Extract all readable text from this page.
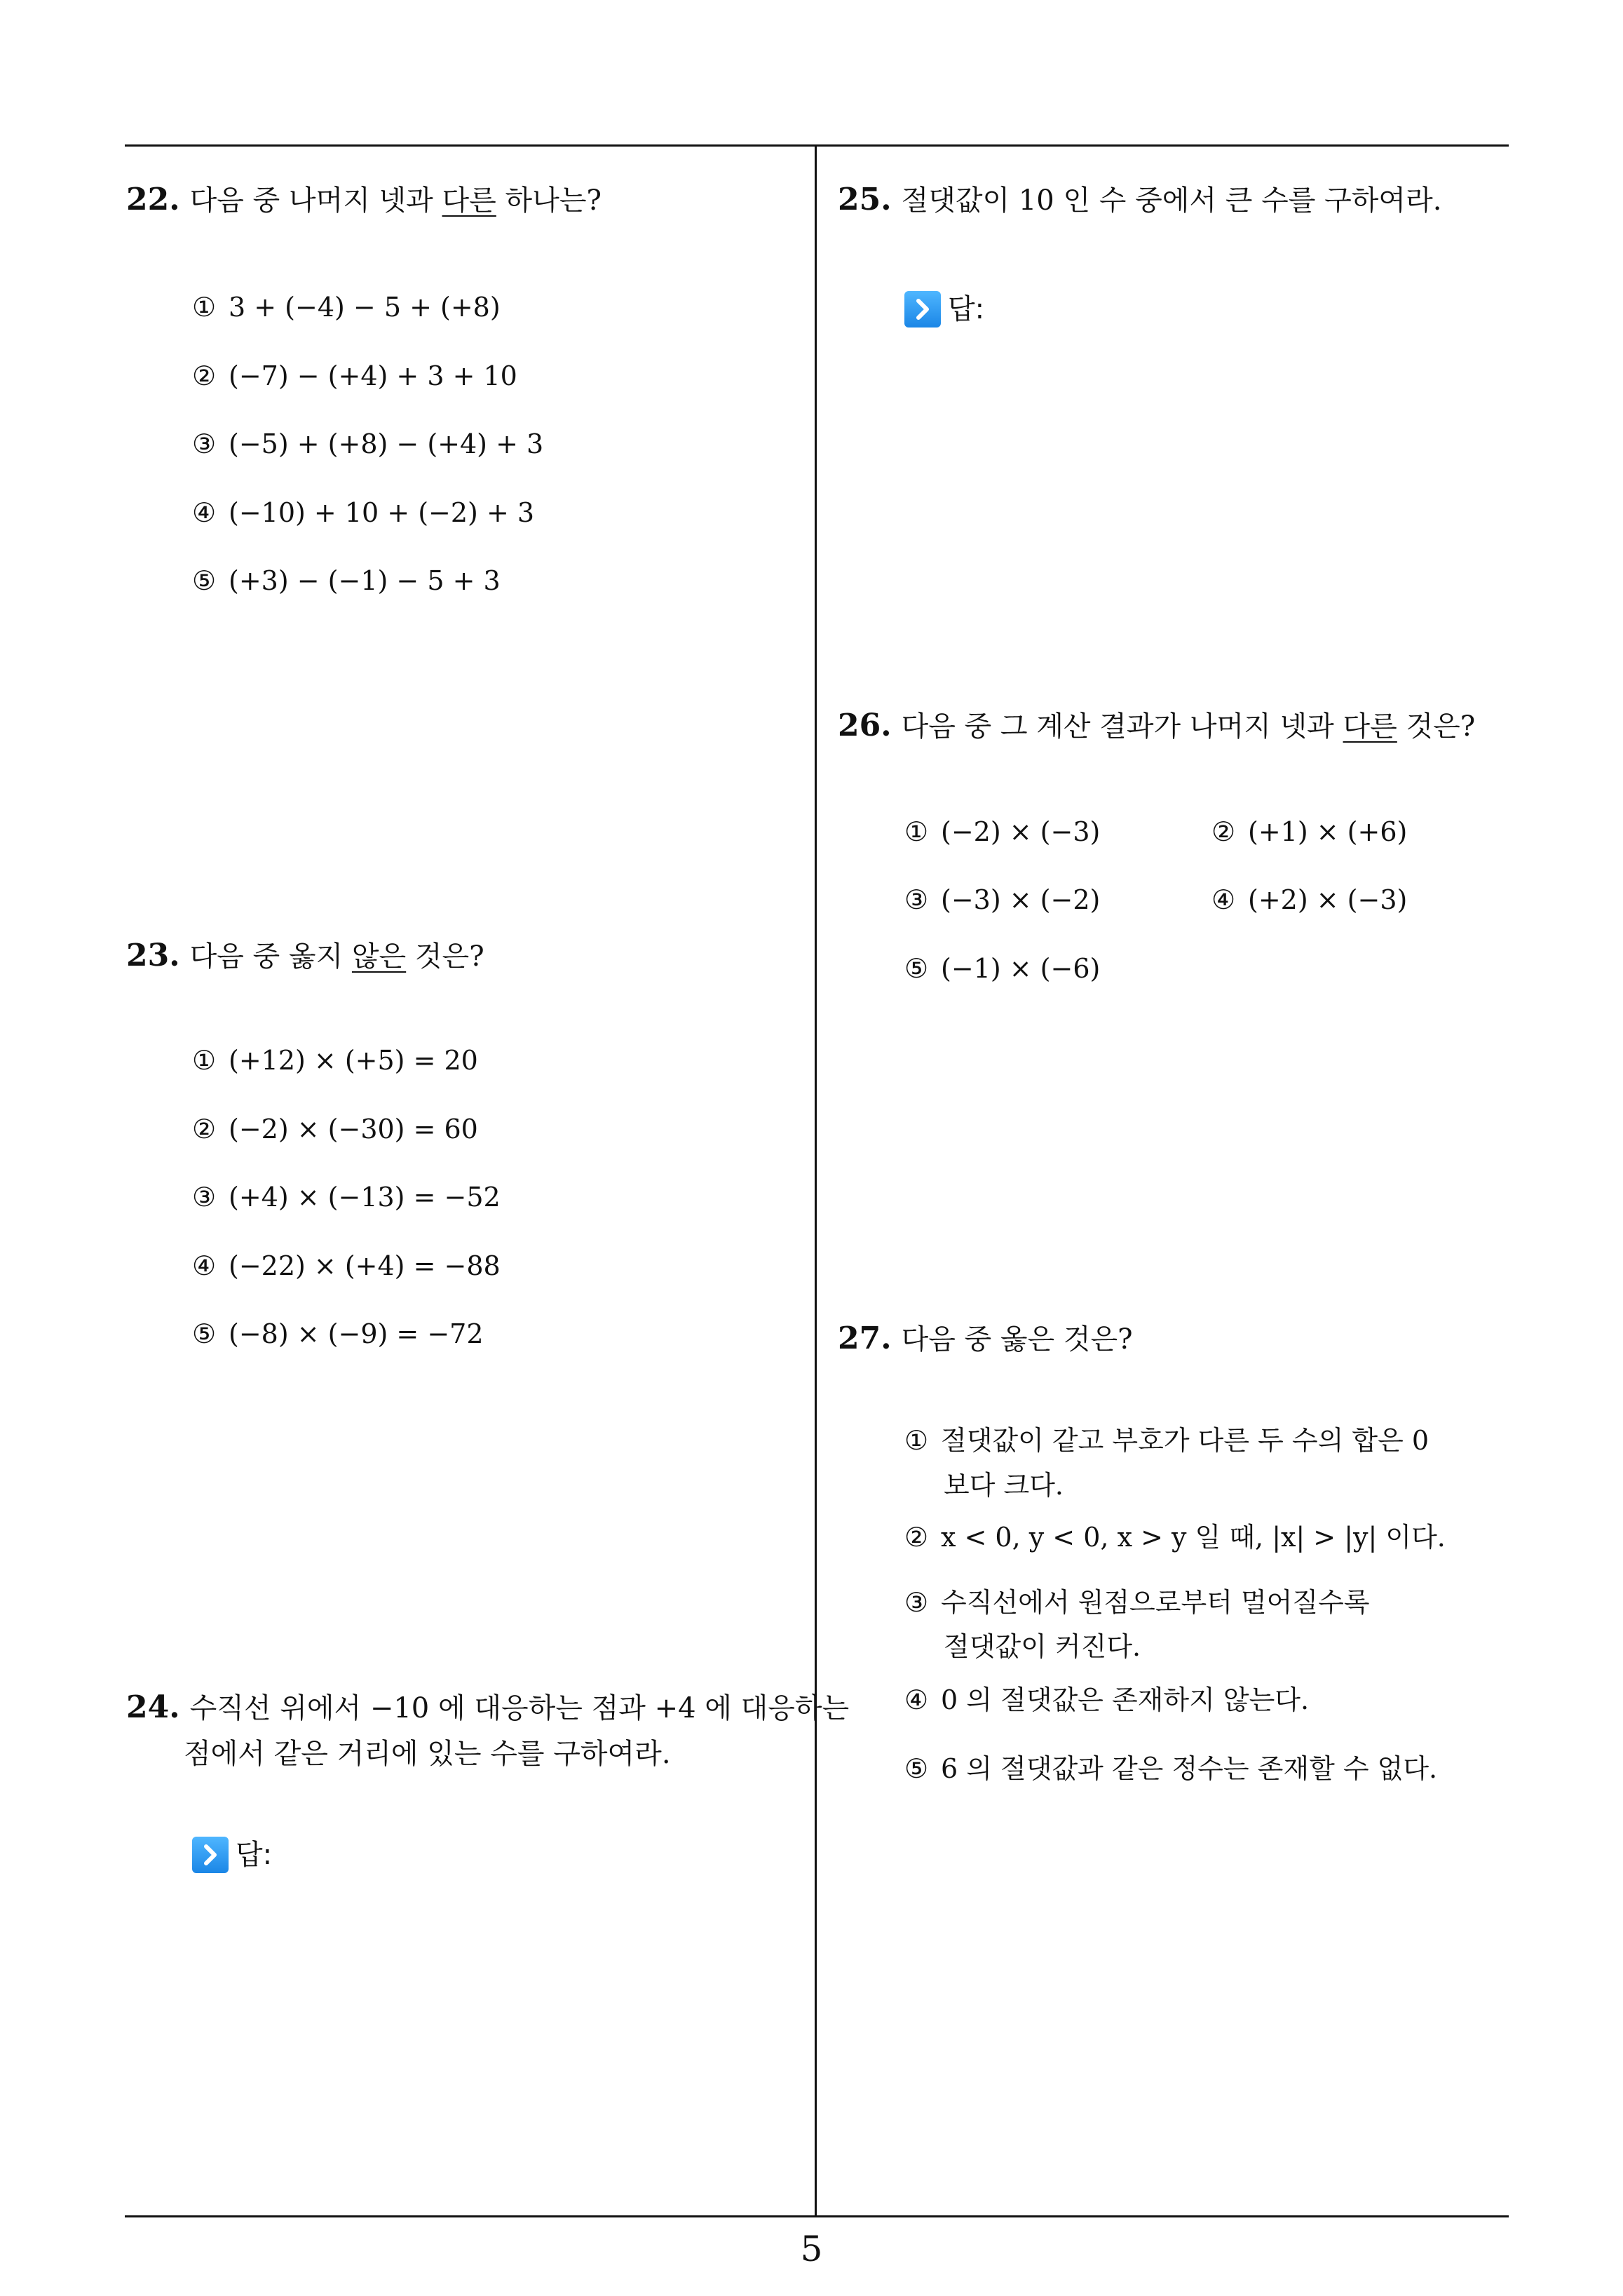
22. 다음 중 나머지 넷과 다른 하나는?
① 3 + (−4) − 5 + (+8)
② (−7) − (+4) + 3 + 10
③ (−5) + (+8) − (+4) + 3
④ (−10) + 10 + (−2) + 3
⑤ (+3) − (−1) − 5 + 3
23. 다음 중 옳지 않은 것은?
① (+12) × (+5) = 20
② (−2) × (−30) = 60
③ (+4) × (−13) = −52
④ (−22) × (+4) = −88
⑤ (−8) × (−9) = −72
24. 수직선 위에서 −10 에 대응하는 점과 +4 에 대응하는
점에서 같은 거리에 있는 수를 구하여라.
답:
25. 절댓값이 10 인 수 중에서 큰 수를 구하여라.
답:
26. 다음 중 그 계산 결과가 나머지 넷과 다른 것은?
① (−2) × (−3)	② (+1) × (+6)
③ (−3) × (−2)	④ (+2) × (−3)
⑤ (−1) × (−6)
27. 다음 중 옳은 것은?
① 절댓값이 같고 부호가 다른 두 수의 합은 0
보다 크다.
② x < 0, y < 0, x > y 일 때, |x| > |y| 이다.
③ 수직선에서 원점으로부터 멀어질수록
절댓값이 커진다.
④ 0 의 절댓값은 존재하지 않는다.
⑤ 6 의 절댓값과 같은 정수는 존재할 수 없다.
5
